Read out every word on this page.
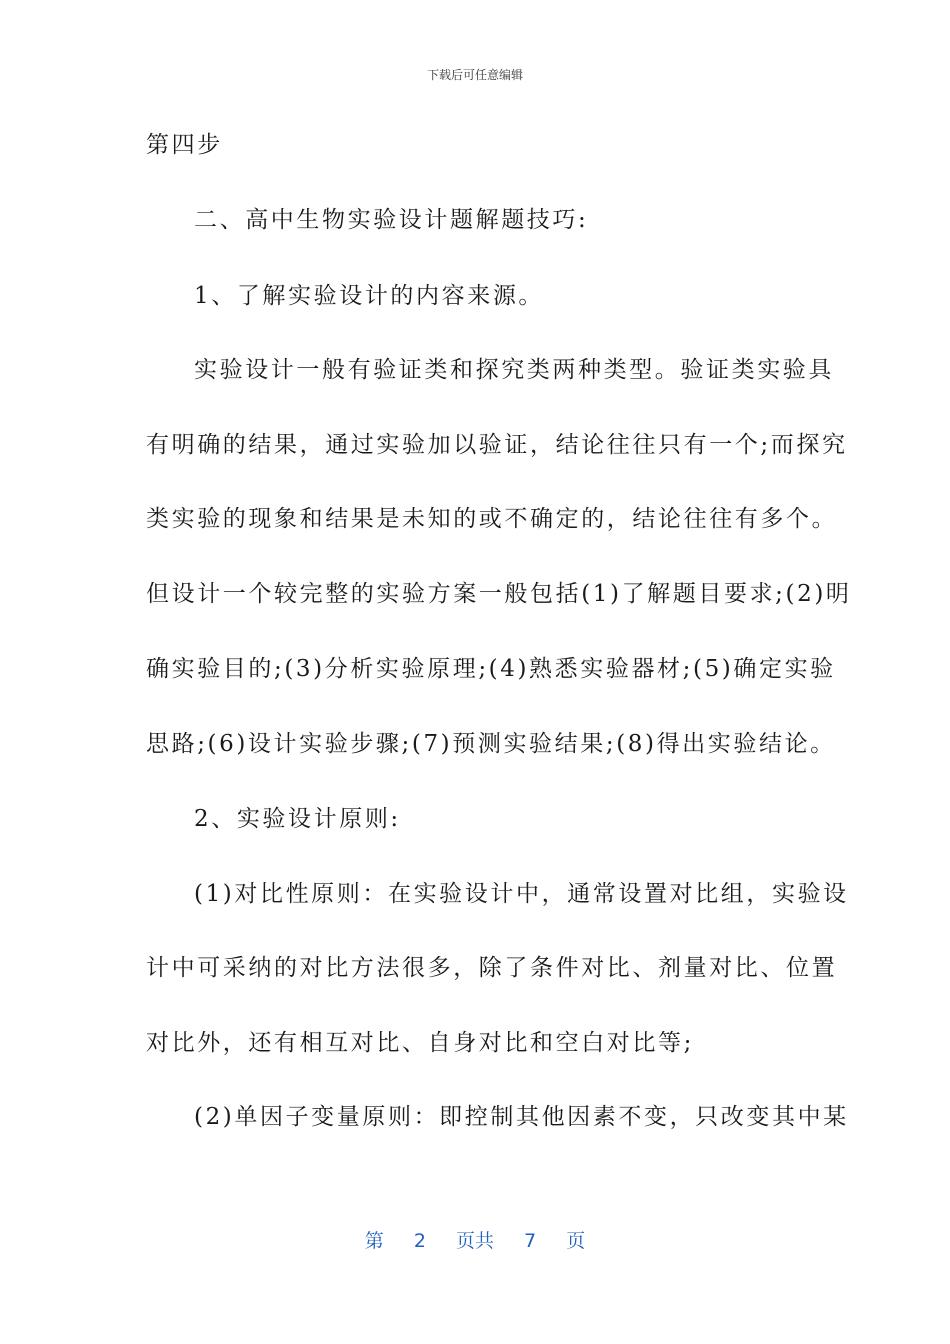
下载后可任意编辑
第四步
二、高中生物实验设计题解题技巧:
1、了解实验设计的内容来源。
实验设计一般有验证类和探究类两种类型。验证类实验具
有明确的结果，通过实验加以验证，结论往往只有一个;而探究
类实验的现象和结果是未知的或不确定的，结论往往有多个。
但设计一个较完整的实验方案一般包括(1)了解题目要求;(2)明
确实验目的;(3)分析实验原理;(4)熟悉实验器材;(5)确定实验
思路;(6)设计实验步骤;(7)预测实验结果;(8)得出实验结论。
2、实验设计原则:
(1)对比性原则：在实验设计中，通常设置对比组，实验设
计中可采纳的对比方法很多，除了条件对比、剂量对比、位置
对比外，还有相互对比、自身对比和空白对比等;
(2)单因子变量原则：即控制其他因素不变，只改变其中某
第 2 页共 7 页
